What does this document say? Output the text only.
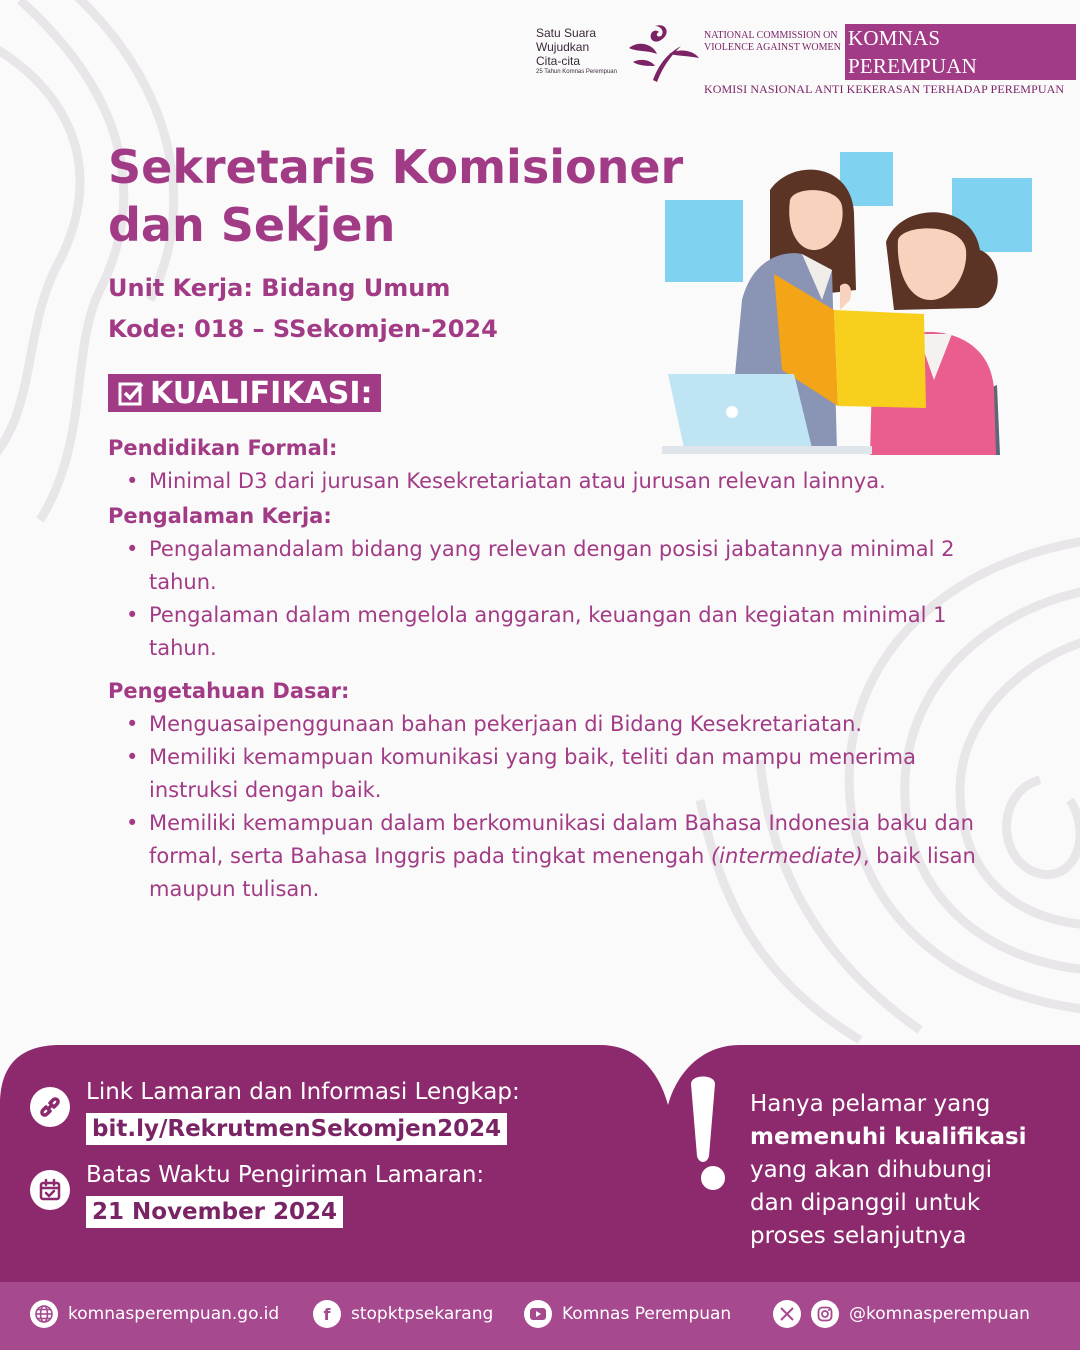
Satu Suara
Wujudkan
Cita-cita
25 Tahun Komnas Perempuan
NATIONAL COMMISSION ON
VIOLENCE AGAINST WOMEN KOMNAS PEREMPUAN
KOMISI NASIONAL ANTI KEKERASAN TERHADAP PEREMPUAN
Sekretaris Komisioner
dan Sekjen
Unit Kerja: Bidang Umum
Kode: 018 – SSekomjen-2024
KUALIFIKASI:
Pendidikan Formal:
• Minimal D3 dari jurusan Kesekretariatan atau jurusan relevan lainnya.
Pengalaman Kerja:
• Pengalamandalam bidang yang relevan dengan posisi jabatannya minimal 2 tahun.
• Pengalaman dalam mengelola anggaran, keuangan dan kegiatan minimal 1 tahun.
Pengetahuan Dasar:
• Menguasaipenggunaan bahan pekerjaan di Bidang Kesekretariatan.
• Memiliki kemampuan komunikasi yang baik, teliti dan mampu menerima instruksi dengan baik.
• Memiliki kemampuan dalam berkomunikasi dalam Bahasa Indonesia baku dan formal, serta Bahasa Inggris pada tingkat menengah (intermediate), baik lisan maupun tulisan.
Link Lamaran dan Informasi Lengkap:
bit.ly/RekrutmenSekomjen2024
Batas Waktu Pengiriman Lamaran:
21 November 2024
Hanya pelamar yang
memenuhi kualifikasi
yang akan dihubungi
dan dipanggil untuk
proses selanjutnya
komnasperempuan.go.id	f	stopktpsekarang	Komnas Perempuan	@komnasperempuan
